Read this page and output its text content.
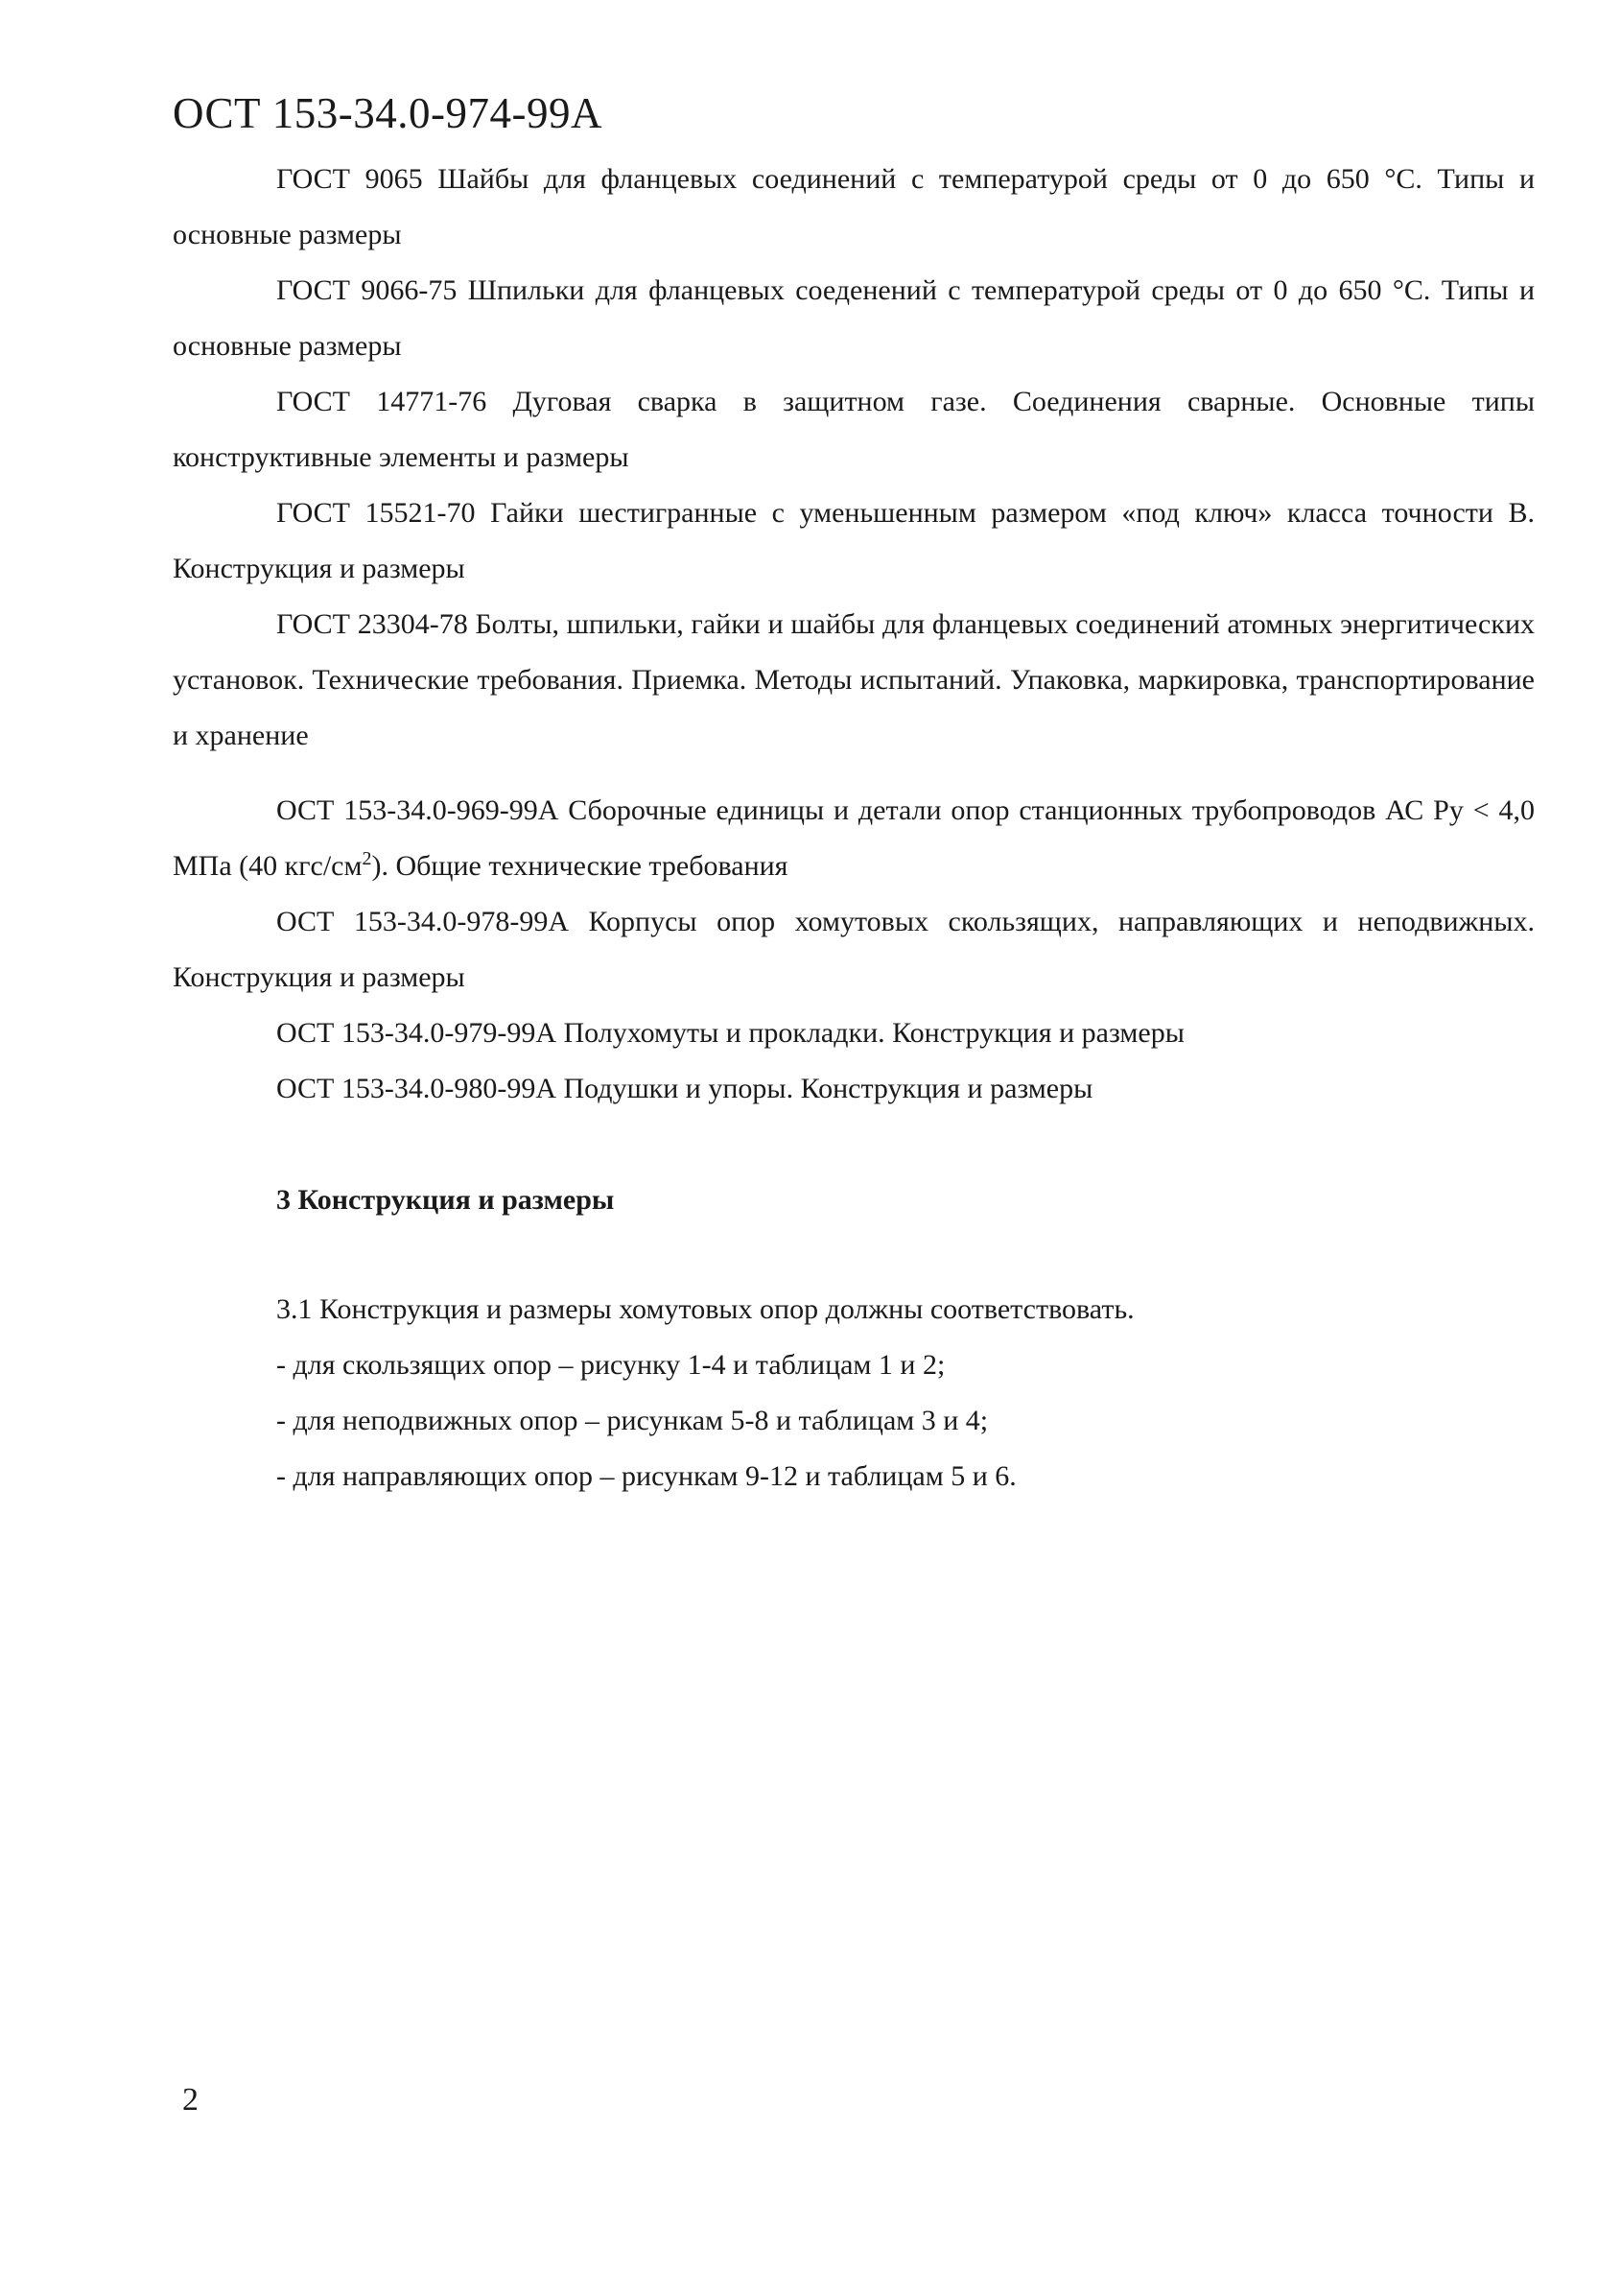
ОСТ 153-34.0-974-99А

ГОСТ 9065 Шайбы для фланцевых соединений с температурой среды от 0 до 650 °С. Типы и основные размеры

ГОСТ 9066-75 Шпильки для фланцевых соеденений с температурой среды от 0 до 650 °С. Типы и основные размеры

ГОСТ 14771-76 Дуговая сварка в защитном газе. Соединения сварные. Основные типы конструктивные элементы и размеры

ГОСТ 15521-70 Гайки шестигранные с уменьшенным размером «под ключ» класса точности В. Конструкция и размеры

ГОСТ 23304-78 Болты, шпильки, гайки и шайбы для фланцевых соединений атомных энергитических установок. Технические требования. Приемка. Методы испытаний. Упаковка, маркировка, транспортирование и хранение

ОСТ 153-34.0-969-99А Сборочные единицы и детали опор станционных трубопроводов АС Ру < 4,0 МПа (40 кгс/$см^2$). Общие технические требования

ОСТ 153-34.0-978-99А Корпусы опор хомутовых скользящих, направляющих и неподвижных. Конструкция и размеры

ОСТ 153-34.0-979-99А Полухомуты и прокладки. Конструкция и размеры

ОСТ 153-34.0-980-99А Подушки и упоры. Конструкция и размеры

3 Конструкция и размеры

3.1 Конструкция и размеры хомутовых опор должны соответствовать.

- для скользящих опор – рисунку 1-4 и таблицам 1 и 2;

- для неподвижных опор – рисункам 5-8 и таблицам 3 и 4;

- для направляющих опор – рисункам 9-12 и таблицам 5 и 6.

2
